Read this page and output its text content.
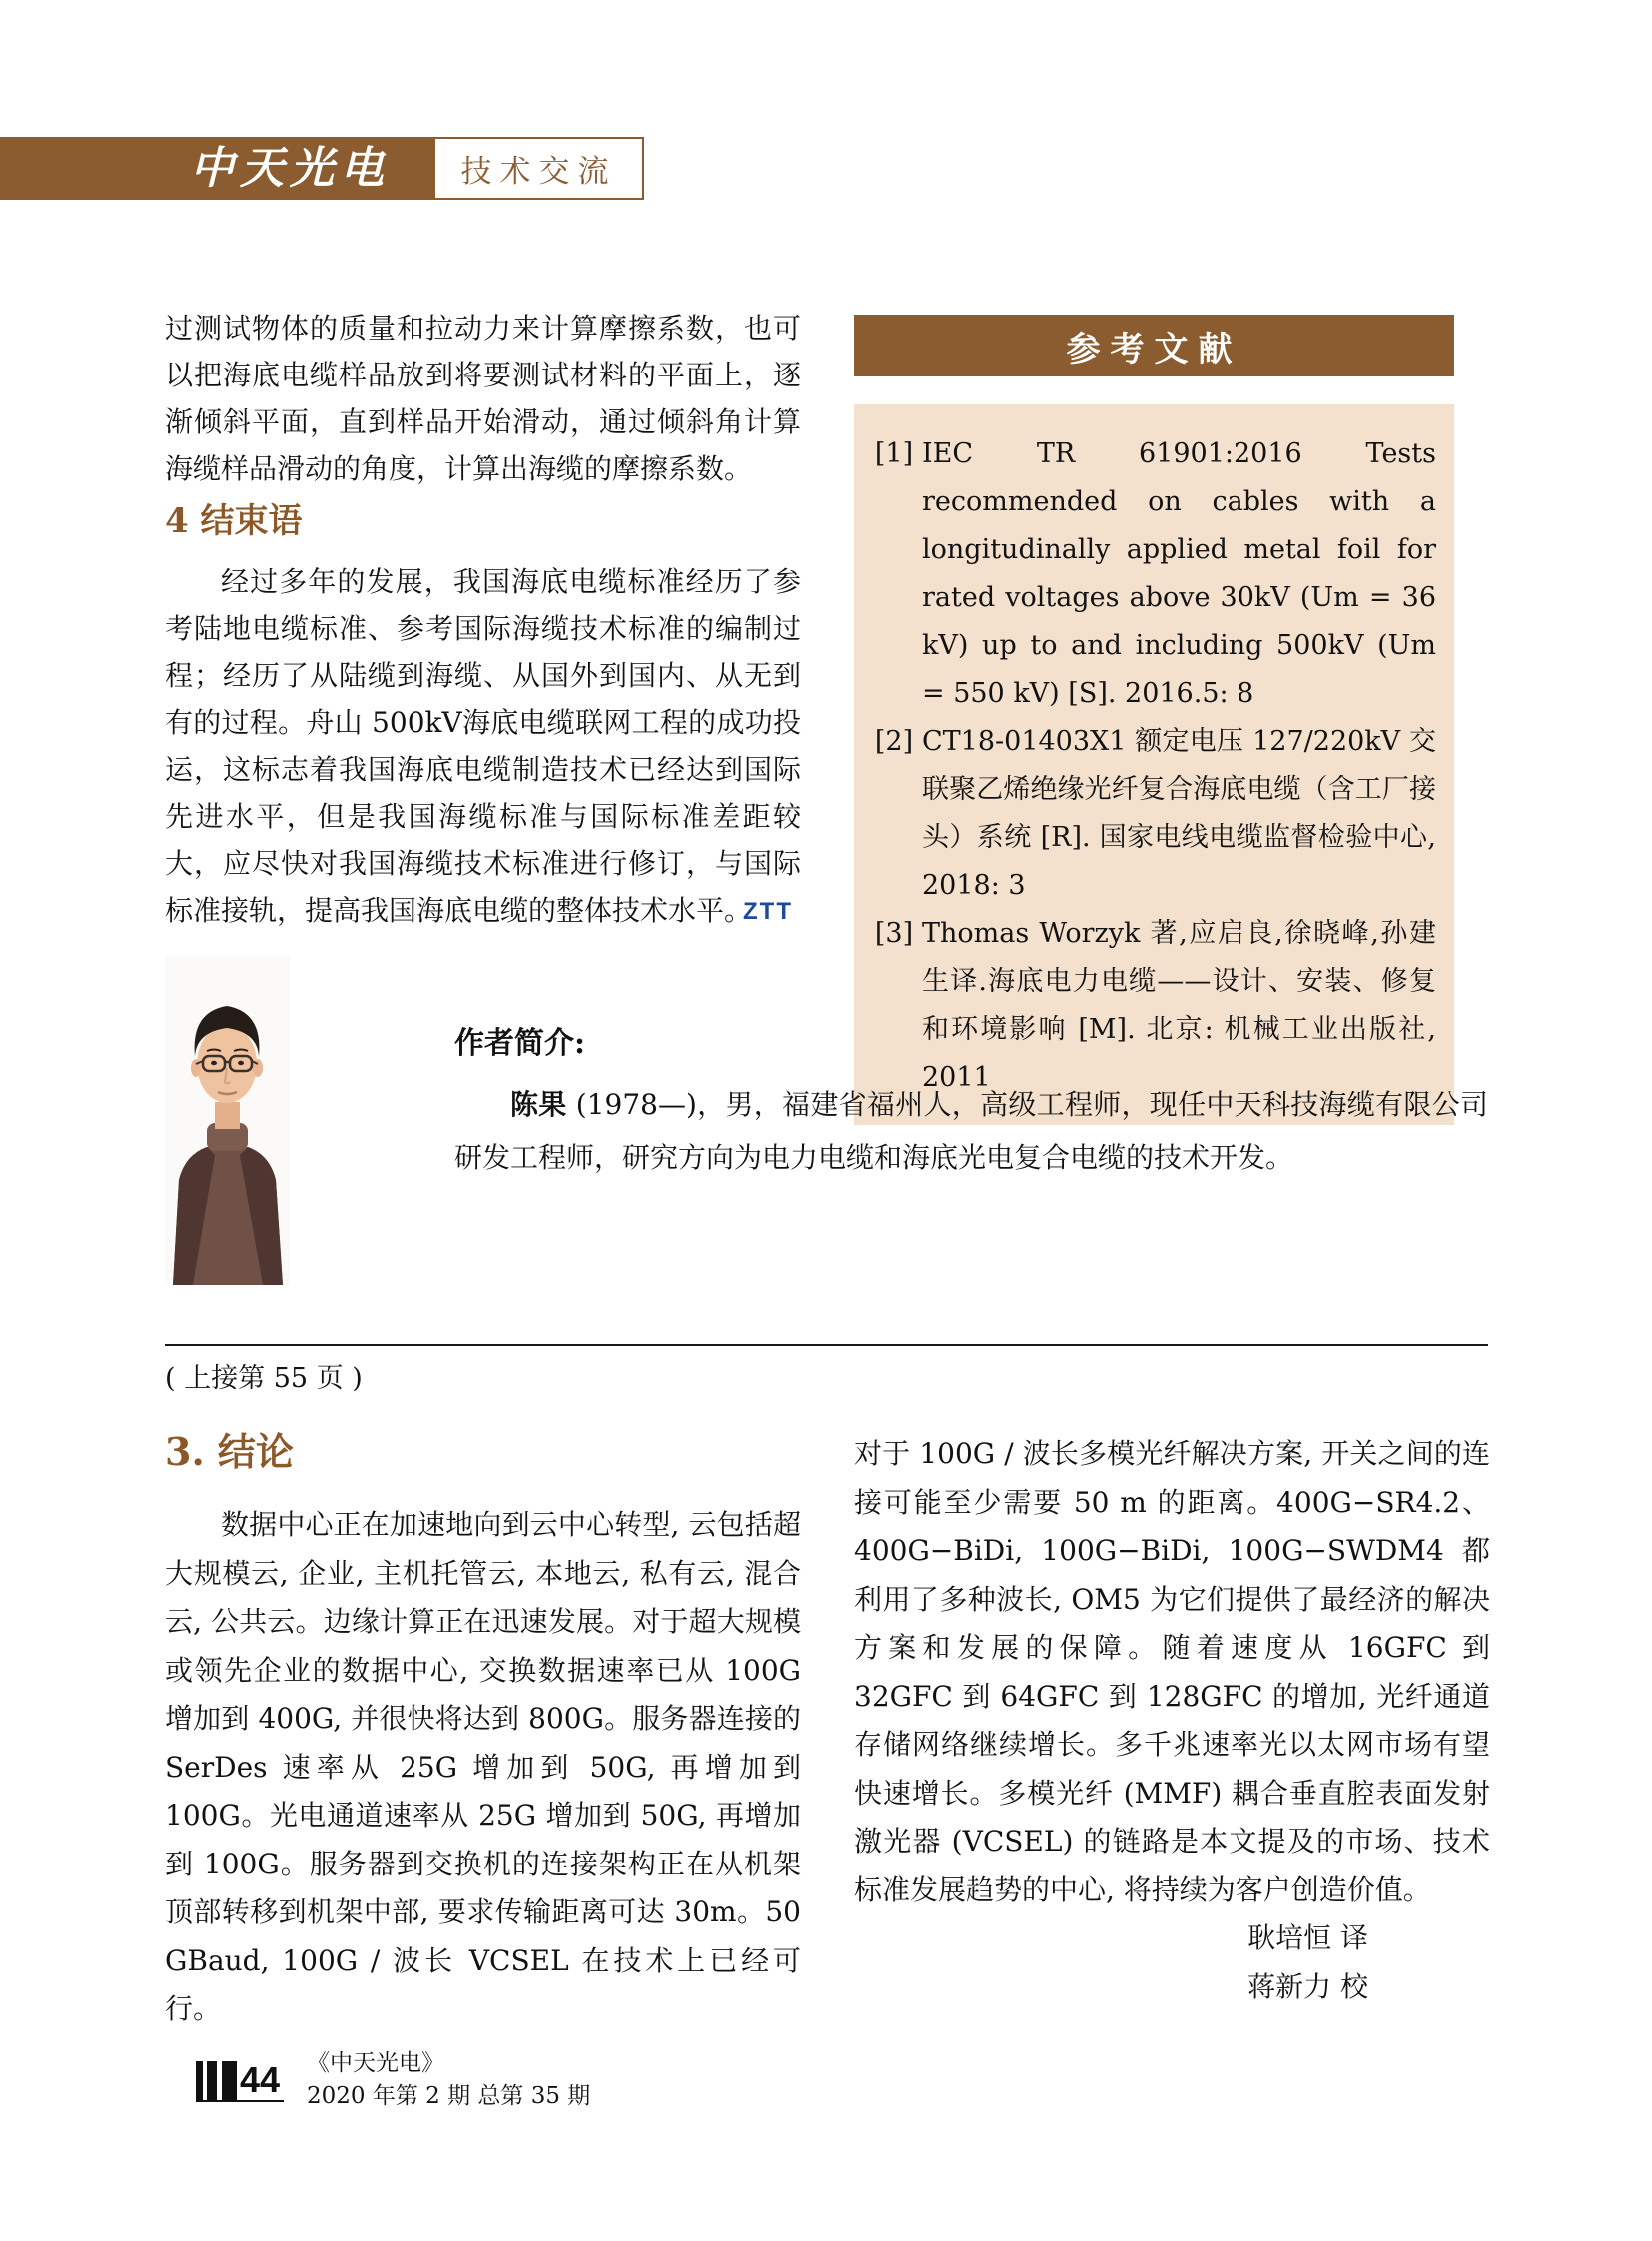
中天光电	技术交流

过测试物体的质量和拉动力来计算摩擦系数，也可以把海底电缆样品放到将要测试材料的平面上，逐渐倾斜平面，直到样品开始滑动，通过倾斜角计算海缆样品滑动的角度，计算出海缆的摩擦系数。

4 结束语

经过多年的发展，我国海底电缆标准经历了参考陆地电缆标准、参考国际海缆技术标准的编制过程；经历了从陆缆到海缆、从国外到国内、从无到有的过程。舟山 500kV海底电缆联网工程的成功投运，这标志着我国海底电缆制造技术已经达到国际先进水平，但是我国海缆标准与国际标准差距较大，应尽快对我国海缆技术标准进行修订，与国际标准接轨，提高我国海底电缆的整体技术水平。

ZTT
参考文献
[1] IEC TR 61901:2016 Tests recommended on cables with a longitudinally applied metal foil for rated voltages above 30kV (Um = 36 kV) up to and including 500kV (Um = 550 kV) [S]. 2016.5: 8
[2] CT18-01403X1 额定电压 127/220kV 交联聚乙烯绝缘光纤复合海底电缆（含工厂接头）系统 [R]. 国家电线电缆监督检验中心, 2018: 3
[3] Thomas Worzyk 著,应启良,徐晓峰,孙建生译.海底电力电缆——设计、安装、修复和环境影响 [M]. 北京: 机械工业出版社, 2011

作者简介:

陈果 (1978—)，男，福建省福州人，高级工程师，现任中天科技海缆有限公司研发工程师，研究方向为电力电缆和海底光电复合电缆的技术开发。

( 上接第 55 页 )
3. 结论

数据中心正在加速地向到云中心转型, 云包括超大规模云, 企业, 主机托管云, 本地云, 私有云, 混合云, 公共云。边缘计算正在迅速发展。对于超大规模或领先企业的数据中心, 交换数据速率已从 100G 增加到 400G, 并很快将达到 800G。服务器连接的 SerDes 速率从 25G 增加到 50G, 再增加到 100G。光电通道速率从 25G 增加到 50G, 再增加到 100G。服务器到交换机的连接架构正在从机架顶部转移到机架中部, 要求传输距离可达 30m。50 GBaud, 100G / 波长 VCSEL 在技术上已经可行。

对于 100G / 波长多模光纤解决方案, 开关之间的连接可能至少需要 50 m 的距离。400G−SR4.2、400G−BiDi, 100G−BiDi, 100G−SWDM4 都利用了多种波长, OM5 为它们提供了最经济的解决方案和发展的保障。随着速度从 16GFC 到 32GFC 到 64GFC 到 128GFC 的增加, 光纤通道存储网络继续增长。多千兆速率光以太网市场有望快速增长。多模光纤 (MMF) 耦合垂直腔表面发射激光器 (VCSEL) 的链路是本文提及的市场、技术标准发展趋势的中心, 将持续为客户创造价值。

耿培恒 译
蒋新力 校
44 《中天光电》
2020 年第 2 期 总第 35 期
